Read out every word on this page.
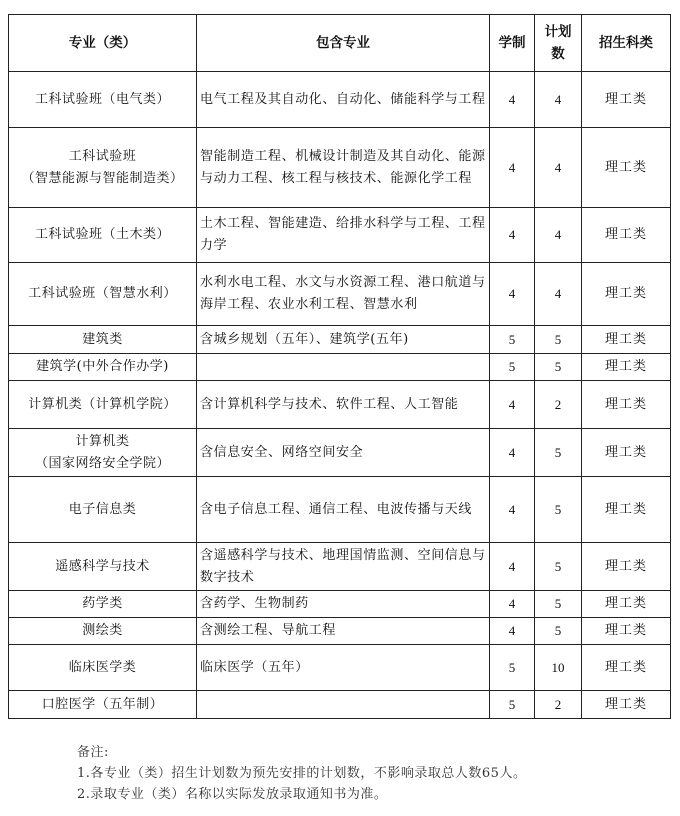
专业（类）	包含专业	学制	计划数	招生科类
工科试验班（电气类）	电气工程及其自动化、自动化、储能科学与工程	4	4	理工类

工科试验班
（智慧能源与智能制造类）	智能制造工程、机械设计制造及其自动化、能源与动力工程、核工程与核技术、能源化学工程	4	4	理工类
工科试验班（土木类）	土木工程、智能建造、给排水科学与工程、工程力学	4	4	理工类
工科试验班（智慧水利）	水利水电工程、水文与水资源工程、港口航道与海岸工程、农业水利工程、智慧水利	4	4	理工类
建筑类	含城乡规划（五年）、建筑学(五年)	5	5	理工类
建筑学(中外合作办学)		5	5	理工类
计算机类（计算机学院）	含计算机科学与技术、软件工程、人工智能	4	2	理工类

计算机类
（国家网络安全学院）	含信息安全、网络空间安全	4	5	理工类
电子信息类	含电子信息工程、通信工程、电波传播与天线	4	5	理工类
遥感科学与技术	含遥感科学与技术、地理国情监测、空间信息与数字技术	4	5	理工类
药学类	含药学、生物制药	4	5	理工类
测绘类	含测绘工程、导航工程	4	5	理工类
临床医学类	临床医学（五年）	5	10	理工类
口腔医学（五年制）		5	2	理工类
备注:
1.各专业（类）招生计划数为预先安排的计划数，不影响录取总人数65人。
2.录取专业（类）名称以实际发放录取通知书为准。
